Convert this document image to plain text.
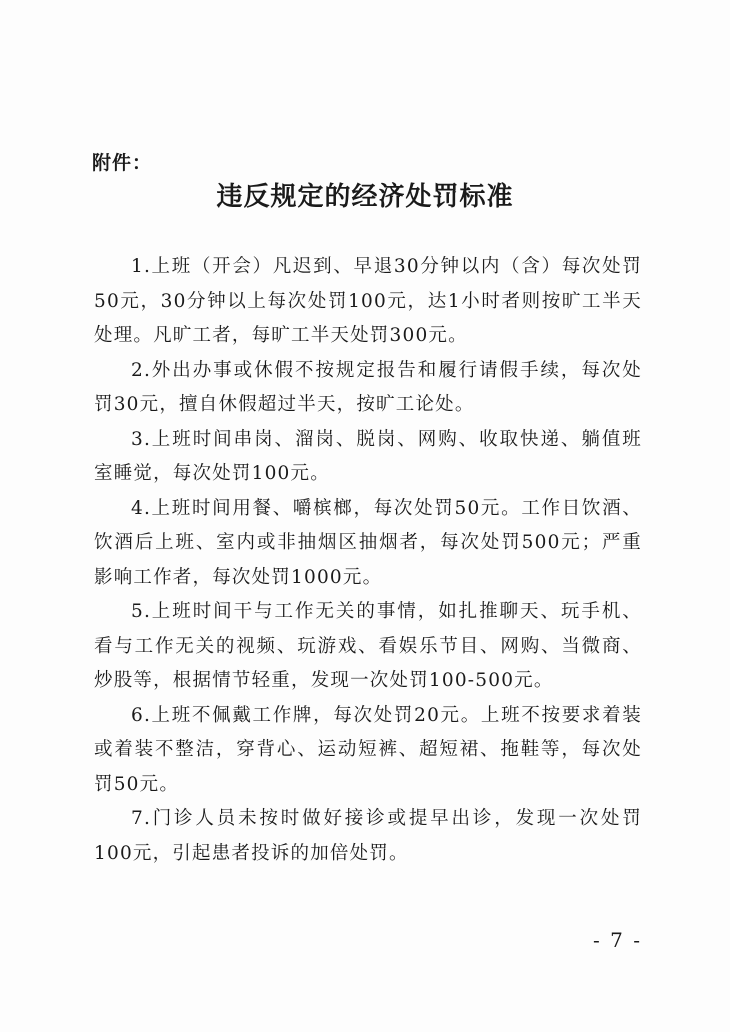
附件：
违反规定的经济处罚标准

1.上班（开会）凡迟到、早退30分钟以内（含）每次处罚50元，30分钟以上每次处罚100元，达1小时者则按旷工半天处理。凡旷工者，每旷工半天处罚300元。

2.外出办事或休假不按规定报告和履行请假手续，每次处罚30元，擅自休假超过半天，按旷工论处。

3.上班时间串岗、溜岗、脱岗、网购、收取快递、躺值班室睡觉，每次处罚100元。

4.上班时间用餐、嚼槟榔，每次处罚50元。工作日饮酒、饮酒后上班、室内或非抽烟区抽烟者，每次处罚500元；严重影响工作者，每次处罚1000元。

5.上班时间干与工作无关的事情，如扎推聊天、玩手机、看与工作无关的视频、玩游戏、看娱乐节目、网购、当微商、炒股等，根据情节轻重，发现一次处罚100-500元。

6.上班不佩戴工作牌，每次处罚20元。上班不按要求着装或着装不整洁，穿背心、运动短裤、超短裙、拖鞋等，每次处罚50元。

7.门诊人员未按时做好接诊或提早出诊，发现一次处罚100元，引起患者投诉的加倍处罚。

- 7 -
